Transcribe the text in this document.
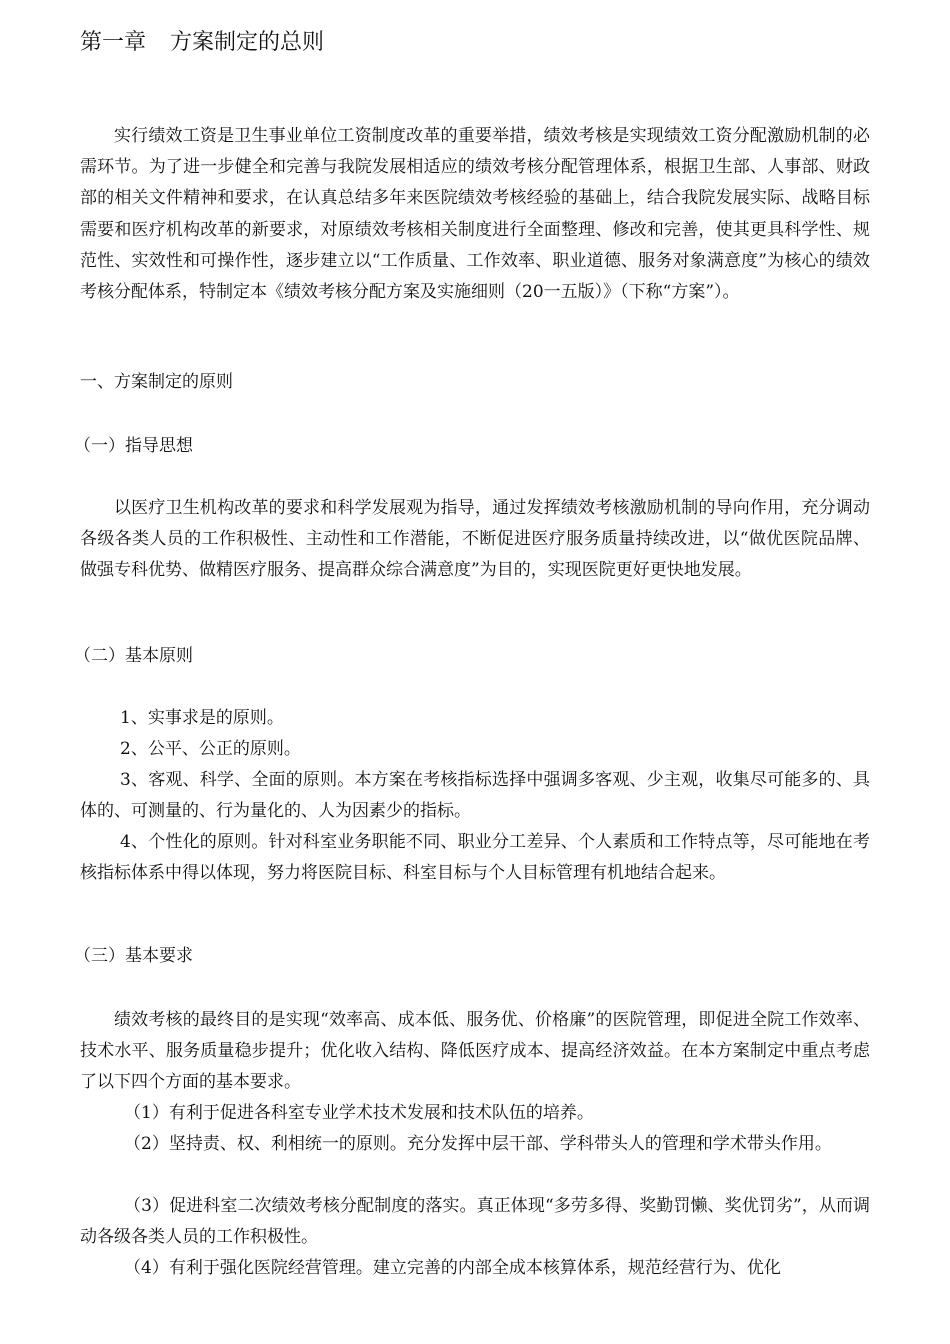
第一章 方案制定的总则

实行绩效工资是卫生事业单位工资制度改革的重要举措，绩效考核是实现绩效工资分配激励机制的必需环节。为了进一步健全和完善与我院发展相适应的绩效考核分配管理体系，根据卫生部、人事部、财政部的相关文件精神和要求，在认真总结多年来医院绩效考核经验的基础上，结合我院发展实际、战略目标需要和医疗机构改革的新要求，对原绩效考核相关制度进行全面整理、修改和完善，使其更具科学性、规范性、实效性和可操作性，逐步建立以“工作质量、工作效率、职业道德、服务对象满意度”为核心的绩效考核分配体系，特制定本《绩效考核分配方案及实施细则（20一五版）》（下称“方案”）。

一、方案制定的原则

（一）指导思想

以医疗卫生机构改革的要求和科学发展观为指导，通过发挥绩效考核激励机制的导向作用，充分调动各级各类人员的工作积极性、主动性和工作潜能，不断促进医疗服务质量持续改进，以“做优医院品牌、做强专科优势、做精医疗服务、提高群众综合满意度”为目的，实现医院更好更快地发展。

（二）基本原则

1、实事求是的原则。

2、公平、公正的原则。

3、客观、科学、全面的原则。本方案在考核指标选择中强调多客观、少主观，收集尽可能多的、具体的、可测量的、行为量化的、人为因素少的指标。

4、个性化的原则。针对科室业务职能不同、职业分工差异、个人素质和工作特点等，尽可能地在考核指标体系中得以体现，努力将医院目标、科室目标与个人目标管理有机地结合起来。

（三）基本要求

绩效考核的最终目的是实现“效率高、成本低、服务优、价格廉”的医院管理，即促进全院工作效率、技术水平、服务质量稳步提升；优化收入结构、降低医疗成本、提高经济效益。在本方案制定中重点考虑了以下四个方面的基本要求。

（1）有利于促进各科室专业学术技术发展和技术队伍的培养。

（2）坚持责、权、利相统一的原则。充分发挥中层干部、学科带头人的管理和学术带头作用。

（3）促进科室二次绩效考核分配制度的落实。真正体现“多劳多得、奖勤罚懒、奖优罚劣”，从而调动各级各类人员的工作积极性。

（4）有利于强化医院经营管理。建立完善的内部全成本核算体系，规范经营行为、优化
